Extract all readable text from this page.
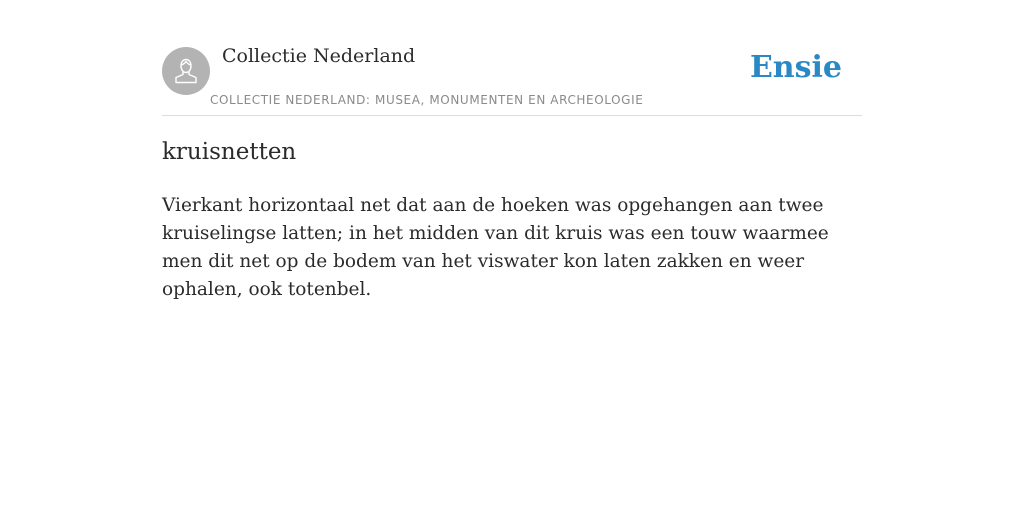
Collectie Nederland
COLLECTIE NEDERLAND: MUSEA, MONUMENTEN EN ARCHEOLOGIE
Ensie
kruisnetten

Vierkant horizontaal net dat aan de hoeken was opgehangen aan twee kruiselingse latten; in het midden van dit kruis was een touw waarmee men dit net op de bodem van het viswater kon laten zakken en weer ophalen, ook totenbel.
